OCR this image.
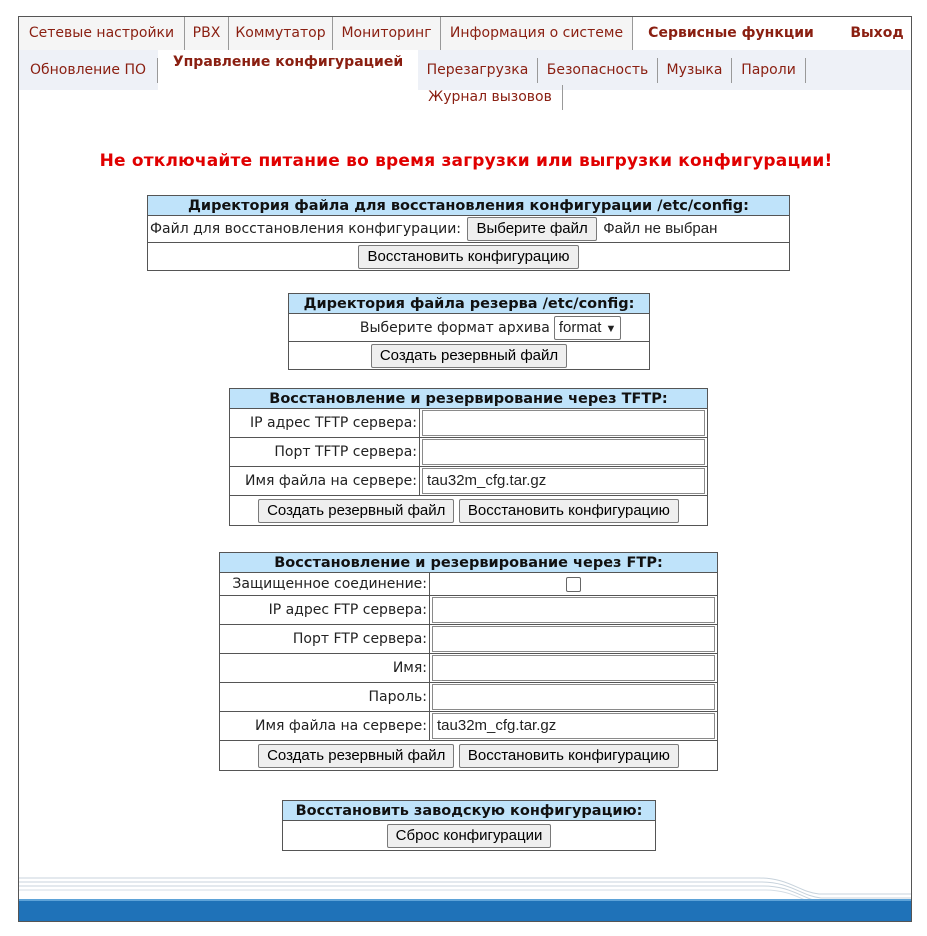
Сетевые настройки	PBX	Коммутатор	Мониторинг	Информация о системе	Сервисные функции	Выход
Обновление ПО	Управление конфигурацией	Перезагрузка	Безопасность	Музыка	Пароли
Журнал вызовов
Не отключайте питание во время загрузки или выгрузки конфигурации!
Директория файла для восстановления конфигурации /etc/config:
Файл для восстановления конфигурации: Выберите файл Файл не выбран
Восстановить конфигурацию
Директория файла резерва /etc/config:
Выберите формат архива	format ▼
Создать резервный файл
Восстановление и резервирование через TFTP:	
IP адрес TFTP сервера:	
Порт TFTP сервера:	
Имя файла на сервере:	tau32m_cfg.tar.gz
Создать резервный файл Восстановить конфигурацию	
Восстановление и резервирование через FTP:	
Защищенное соединение:	
IP адрес FTP сервера:	
Порт FTP сервера:	
Имя:	
Пароль:	
Имя файла на сервере:	tau32m_cfg.tar.gz
Создать резервный файл Восстановить конфигурацию	
Восстановить заводскую конфигурацию:
Сброс конфигурации
